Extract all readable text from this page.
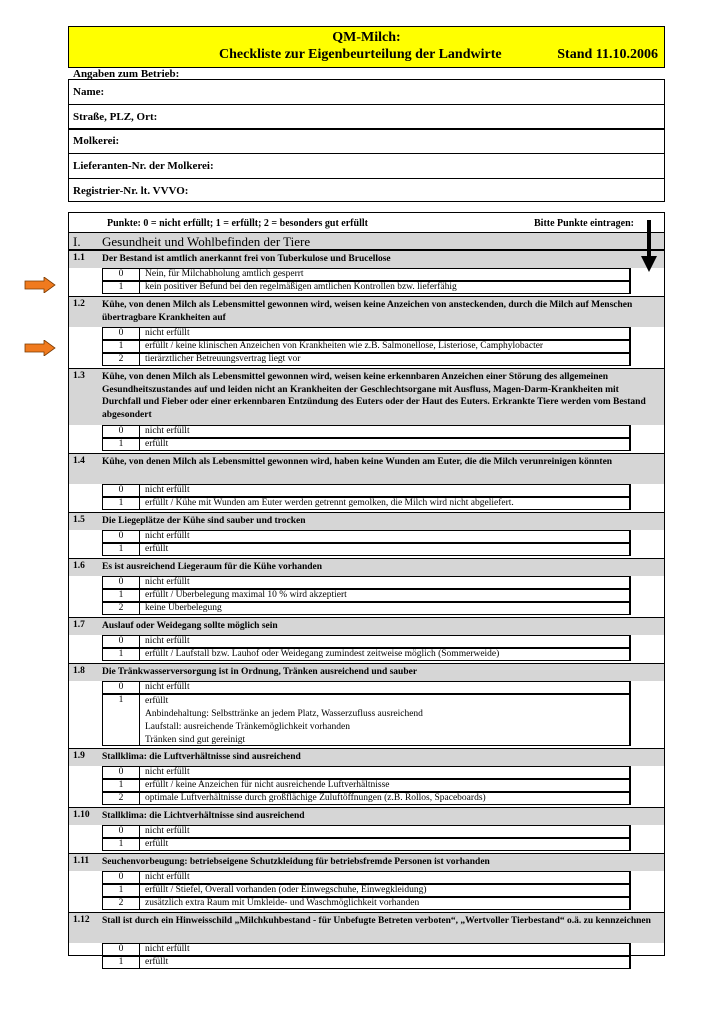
QM-Milch:
Checkliste zur Eigenbeurteilung der Landwirte	Stand 11.10.2006
Angaben zum Betrieb:
Name:
Straße, PLZ, Ort:
Molkerei:
Lieferanten-Nr. der Molkerei:
Registrier-Nr. lt. VVVO:
Punkte: 0 = nicht erfüllt; 1 = erfüllt; 2 = besonders gut erfüllt	Bitte Punkte eintragen:
I. Gesundheit und Wohlbefinden der Tiere
1.1 Der Bestand ist amtlich anerkannt frei von Tuberkulose und Brucellose
0	Nein, für Milchabholung amtlich gesperrt
1	kein positiver Befund bei den regelmäßigen amtlichen Kontrollen bzw. lieferfähig
1.2 Kühe, von denen Milch als Lebensmittel gewonnen wird, weisen keine Anzeichen von ansteckenden, durch die Milch auf Menschen übertragbare Krankheiten auf
0	nicht erfüllt
1	erfüllt / keine klinischen Anzeichen von Krankheiten wie z.B. Salmonellose, Listeriose, Camphylobacter
2	tierärztlicher Betreuungsvertrag liegt vor
1.3 Kühe, von denen Milch als Lebensmittel gewonnen wird, weisen keine erkennbaren Anzeichen einer Störung des allgemeinen Gesundheitszustandes auf und leiden nicht an Krankheiten der Geschlechtsorgane mit Ausfluss, Magen-Darm-Krankheiten mit Durchfall und Fieber oder einer erkennbaren Entzündung des Euters oder der Haut des Euters. Erkrankte Tiere werden vom Bestand abgesondert
0	nicht erfüllt
1	erfüllt
1.4 Kühe, von denen Milch als Lebensmittel gewonnen wird, haben keine Wunden am Euter, die die Milch verunreinigen könnten
0	nicht erfüllt
1	erfüllt / Kühe mit Wunden am Euter werden getrennt gemolken, die Milch wird nicht abgeliefert.
1.5 Die Liegeplätze der Kühe sind sauber und trocken
0	nicht erfüllt
1	erfüllt
1.6 Es ist ausreichend Liegeraum für die Kühe vorhanden
0	nicht erfüllt
1	erfüllt / Überbelegung maximal 10 % wird akzeptiert
2	keine Überbelegung
1.7 Auslauf oder Weidegang sollte möglich sein
0	nicht erfüllt
1	erfüllt / Laufstall bzw. Lauhof oder Weidegang zumindest zeitweise möglich (Sommerweide)
1.8 Die Tränkwasserversorgung ist in Ordnung, Tränken ausreichend und sauber
0	nicht erfüllt
1	erfüllt
Anbindehaltung: Selbsttränke an jedem Platz, Wasserzufluss ausreichend
Laufstall: ausreichende Tränkemöglichkeit vorhanden
Tränken sind gut gereinigt
1.9 Stallklima: die Luftverhältnisse sind ausreichend
0	nicht erfüllt
1	erfüllt / keine Anzeichen für nicht ausreichende Luftverhältnisse
2	optimale Luftverhältnisse durch großflächige Zuluftöffnungen (z.B. Rollos, Spaceboards)
1.10 Stallklima: die Lichtverhältnisse sind ausreichend
0	nicht erfüllt
1	erfüllt
1.11 Seuchenvorbeugung: betriebseigene Schutzkleidung für betriebsfremde Personen ist vorhanden
0	nicht erfüllt
1	erfüllt / Stiefel, Overall vorhanden (oder Einwegschuhe, Einwegkleidung)
2	zusätzlich extra Raum mit Umkleide- und Waschmöglichkeit vorhanden
1.12 Stall ist durch ein Hinweisschild „Milchkuhbestand - für Unbefugte Betreten verboten“, „Wertvoller Tierbestand“ o.ä. zu kennzeichnen
0	nicht erfüllt
1	erfüllt
